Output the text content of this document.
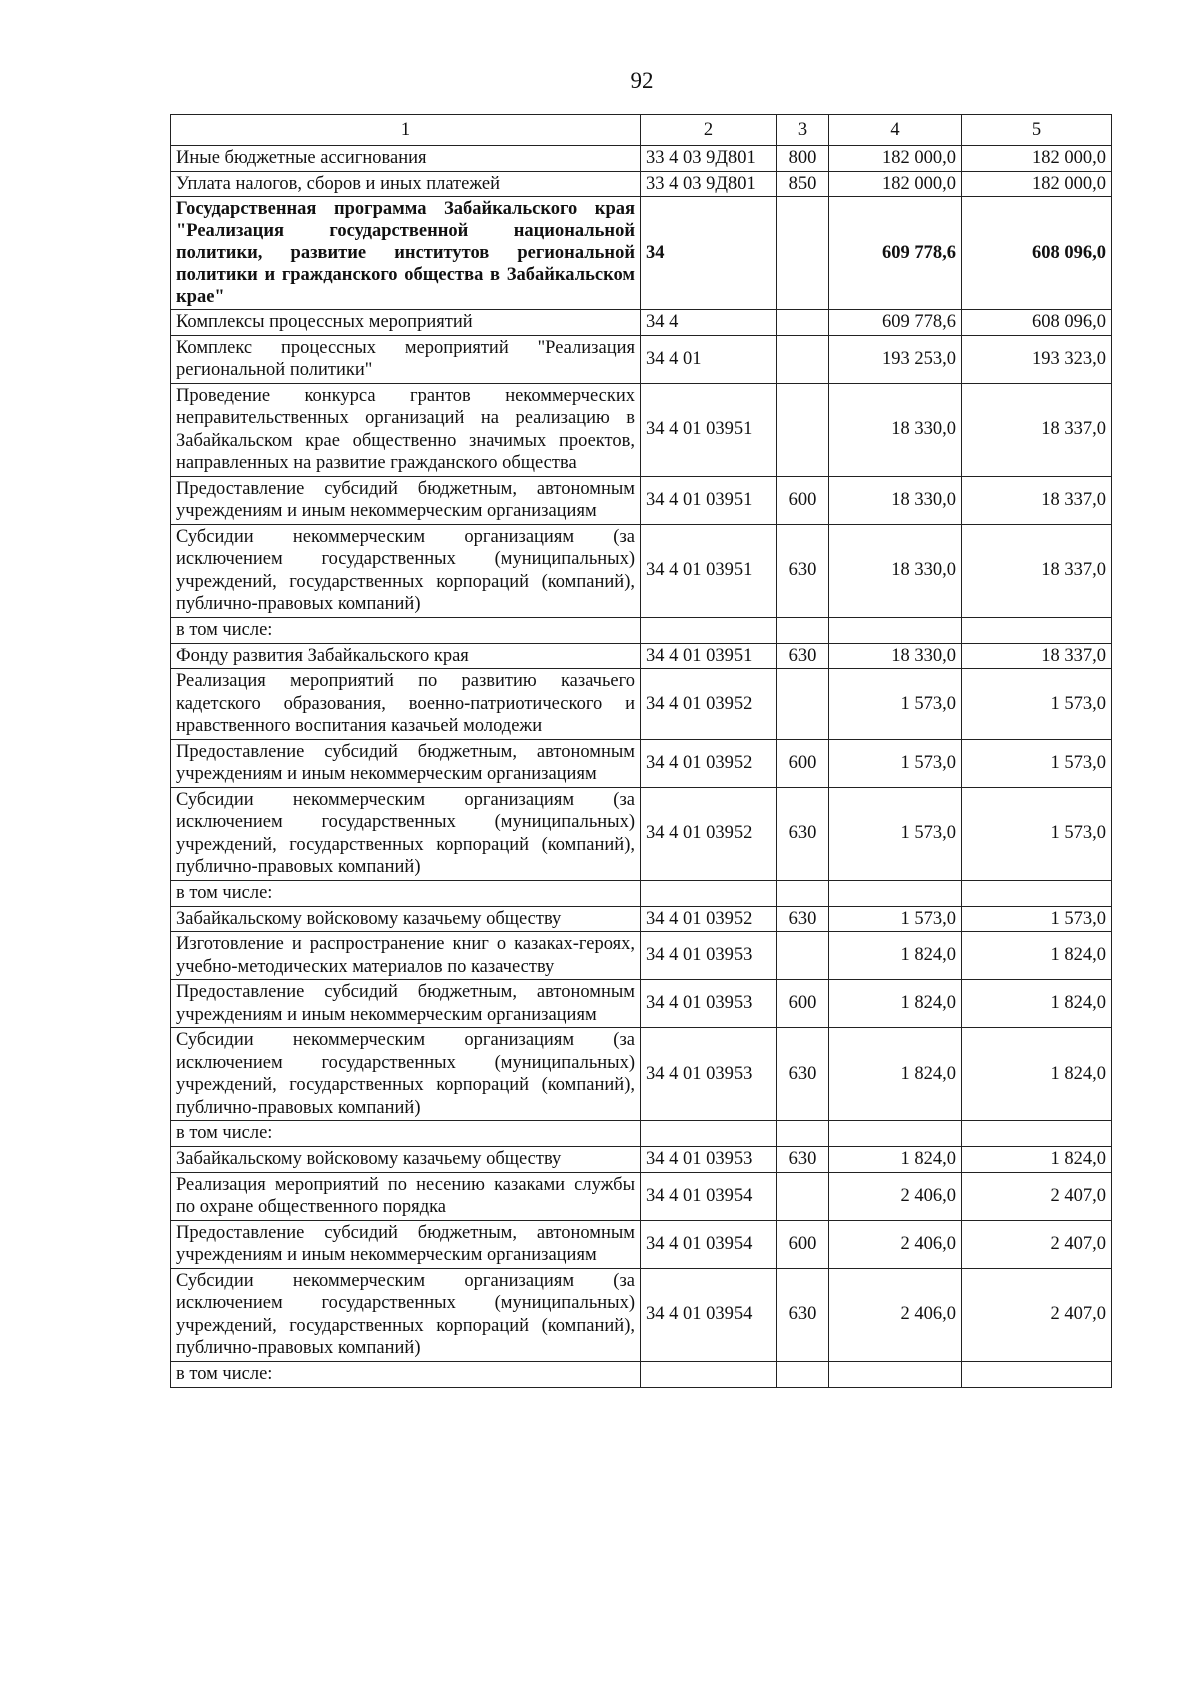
92
1	2	3	4	5
Иные бюджетные ассигнования	33 4 03 9Д801	800	182 000,0	182 000,0
Уплата налогов, сборов и иных платежей	33 4 03 9Д801	850	182 000,0	182 000,0
Государственная программа Забайкальского края "Реализация государственной национальной политики, развитие институтов региональной политики и гражданского общества в Забайкальском крае"	34		609 778,6	608 096,0
Комплексы процессных мероприятий	34 4		609 778,6	608 096,0
Комплекс процессных мероприятий "Реализация региональной политики"	34 4 01		193 253,0	193 323,0
Проведение конкурса грантов некоммерческих неправительственных организаций на реализацию в Забайкальском крае общественно значимых проектов, направленных на развитие гражданского общества	34 4 01 03951		18 330,0	18 337,0
Предоставление субсидий бюджетным, автономным учреждениям и иным некоммерческим организациям	34 4 01 03951	600	18 330,0	18 337,0
Субсидии некоммерческим организациям (за исключением государственных (муниципальных) учреждений, государственных корпораций (компаний), публично-правовых компаний)	34 4 01 03951	630	18 330,0	18 337,0
в том числе:				
Фонду развития Забайкальского края	34 4 01 03951	630	18 330,0	18 337,0
Реализация мероприятий по развитию казачьего кадетского образования, военно-патриотического и нравственного воспитания казачьей молодежи	34 4 01 03952		1 573,0	1 573,0
Предоставление субсидий бюджетным, автономным учреждениям и иным некоммерческим организациям	34 4 01 03952	600	1 573,0	1 573,0
Субсидии некоммерческим организациям (за исключением государственных (муниципальных) учреждений, государственных корпораций (компаний), публично-правовых компаний)	34 4 01 03952	630	1 573,0	1 573,0
в том числе:				
Забайкальскому войсковому казачьему обществу	34 4 01 03952	630	1 573,0	1 573,0
Изготовление и распространение книг о казаках-героях, учебно-методических материалов по казачеству	34 4 01 03953		1 824,0	1 824,0
Предоставление субсидий бюджетным, автономным учреждениям и иным некоммерческим организациям	34 4 01 03953	600	1 824,0	1 824,0
Субсидии некоммерческим организациям (за исключением государственных (муниципальных) учреждений, государственных корпораций (компаний), публично-правовых компаний)	34 4 01 03953	630	1 824,0	1 824,0
в том числе:				
Забайкальскому войсковому казачьему обществу	34 4 01 03953	630	1 824,0	1 824,0
Реализация мероприятий по несению казаками службы по охране общественного порядка	34 4 01 03954		2 406,0	2 407,0
Предоставление субсидий бюджетным, автономным учреждениям и иным некоммерческим организациям	34 4 01 03954	600	2 406,0	2 407,0
Субсидии некоммерческим организациям (за исключением государственных (муниципальных) учреждений, государственных корпораций (компаний), публично-правовых компаний)	34 4 01 03954	630	2 406,0	2 407,0
в том числе:				
